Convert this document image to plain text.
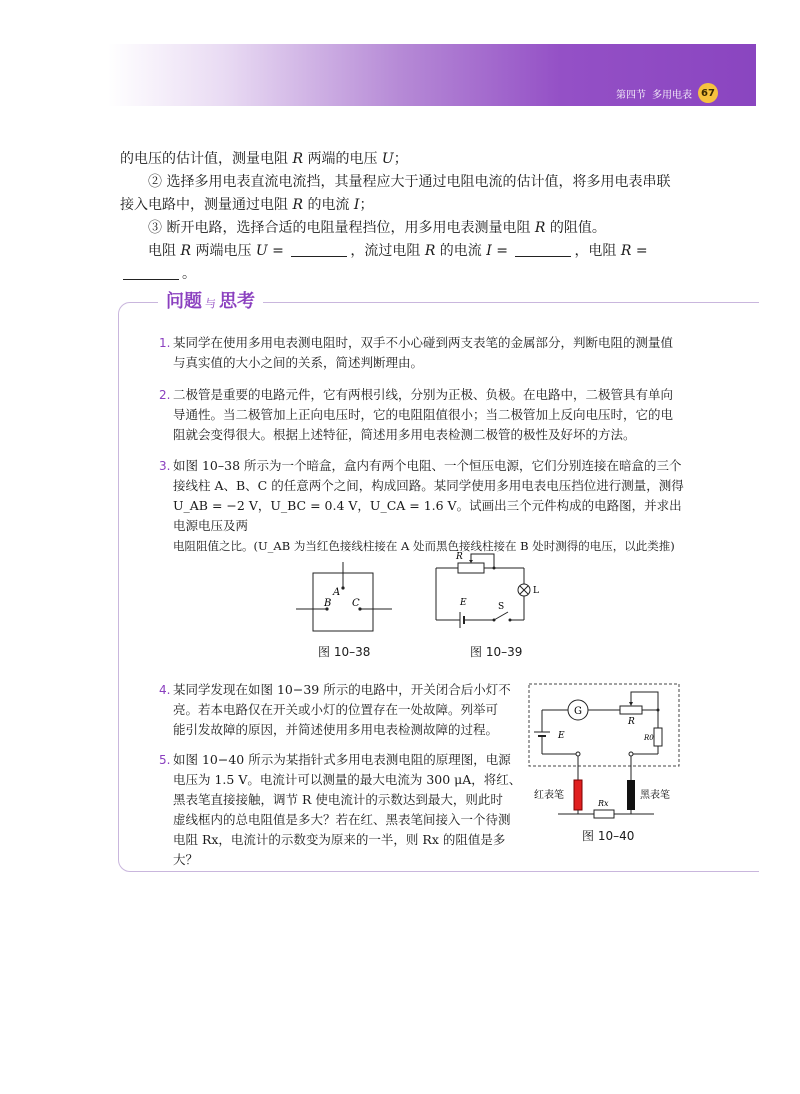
第四节 多用电表 67

的电压的估计值，测量电阻 R 两端的电压 U；

② 选择多用电表直流电流挡，其量程应大于通过电阻电流的估计值，将多用电表串联

接入电路中，测量通过电阻 R 的电流 I；

③ 断开电路，选择合适的电阻量程挡位，用多用电表测量电阻 R 的阻值。

电阻 R 两端电压 U =	，流过电阻 R 的电流 I =	，电阻 R = 。

问题 与 思考
1. 某同学在使用多用电表测电阻时，双手不小心碰到两支表笔的金属部分，判断电阻的测量值
与真实值的大小之间的关系，简述判断理由。
2. 二极管是重要的电路元件，它有两根引线，分别为正极、负极。在电路中，二极管具有单向
导通性。当二极管加上正向电压时，它的电阻阻值很小；当二极管加上反向电压时，它的电
阻就会变得很大。根据上述特征，简述用多用电表检测二极管的极性及好坏的方法。
3. 如图 10–38 所示为一个暗盒，盒内有两个电阻、一个恒压电源，它们分别连接在暗盒的三个
接线柱 A、B、C 的任意两个之间，构成回路。某同学使用多用电表电压挡位进行测量，测得
U_AB = −2 V，U_BC = 0.4 V，U_CA = 1.6 V。试画出三个元件构成的电路图，并求出电源电压及两
电阻阻值之比。(U_AB 为当红色接线柱接在 A 处而黑色接线柱接在 B 处时测得的电压，以此类推)
A
B C
图 10–38
R
L
E	S
图 10–39
4. 某同学发现在如图 10−39 所示的电路中，开关闭合后小灯不
亮。若本电路仅在开关或小灯的位置存在一处故障。列举可
能引发故障的原因，并简述使用多用电表检测故障的过程。
5. 如图 10−40 所示为某指针式多用电表测电阻的原理图，电源
电压为 1.5 V。电流计可以测量的最大电流为 300 μA，将红、
黑表笔直接接触，调节 R 使电流计的示数达到最大，则此时
虚线框内的总电阻值是多大？若在红、黑表笔间接入一个待测
电阻 Rx，电流计的示数变为原来的一半，则 Rx 的阻值是多大？
G
R
R0
E
Rx
红表笔	黑表笔
图 10–40
